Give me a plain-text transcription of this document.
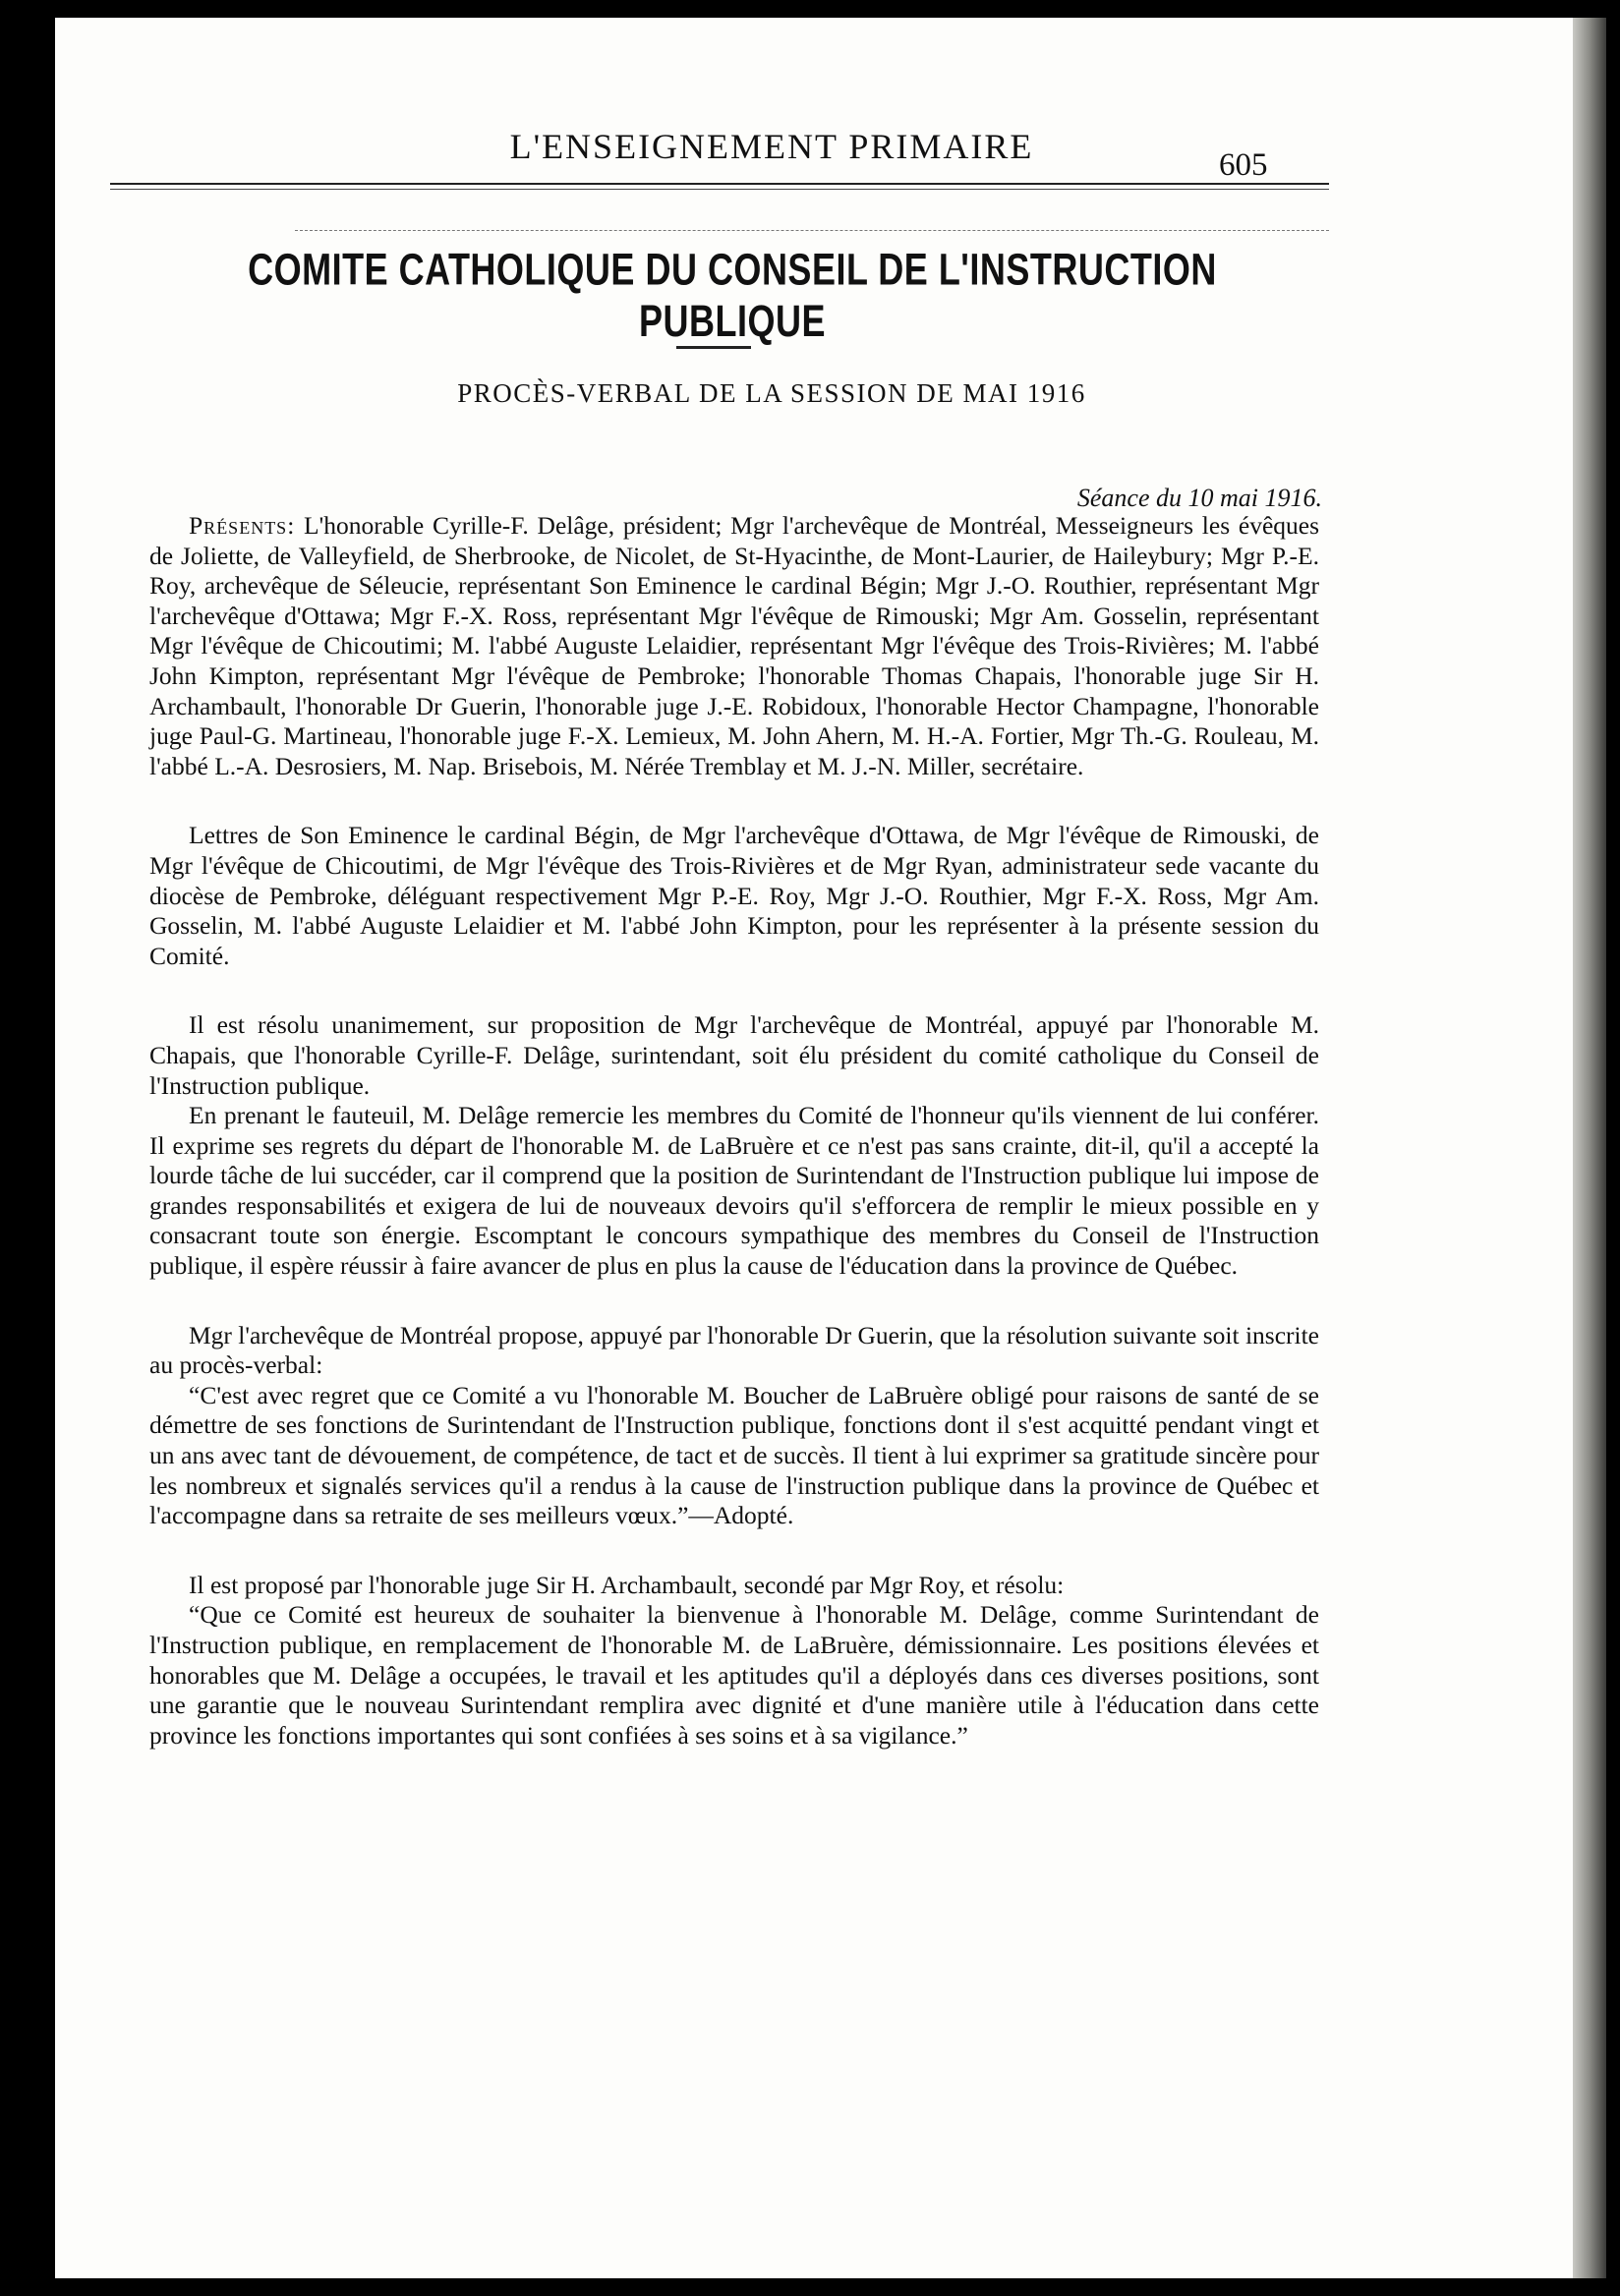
L'ENSEIGNEMENT PRIMAIRE	605
COMITE CATHOLIQUE DU CONSEIL DE L'INSTRUCTION PUBLIQUE
PROCÈS-VERBAL DE LA SESSION DE MAI 1916
Séance du 10 mai 1916.

Présents: L'honorable Cyrille-F. Delâge, président; Mgr l'archevêque de Montréal, Messeigneurs les évêques de Joliette, de Valleyfield, de Sherbrooke, de Nicolet, de St-Hyacinthe, de Mont-Laurier, de Haileybury; Mgr P.-E. Roy, archevêque de Séleucie, représentant Son Eminence le cardinal Bégin; Mgr J.-O. Routhier, représentant Mgr l'archevêque d'Ottawa; Mgr F.-X. Ross, représentant Mgr l'évêque de Rimouski; Mgr Am. Gosselin, représentant Mgr l'évêque de Chicoutimi; M. l'abbé Auguste Lelaidier, représentant Mgr l'évêque des Trois-Rivières; M. l'abbé John Kimpton, représentant Mgr l'évêque de Pembroke; l'honorable Thomas Chapais, l'honorable juge Sir H. Archambault, l'honorable Dr Guerin, l'honorable juge J.-E. Robidoux, l'honorable Hector Champagne, l'honorable juge Paul-G. Martineau, l'honorable juge F.-X. Lemieux, M. John Ahern, M. H.-A. Fortier, Mgr Th.-G. Rouleau, M. l'abbé L.-A. Desrosiers, M. Nap. Brisebois, M. Nérée Tremblay et M. J.-N. Miller, secrétaire.

Lettres de Son Eminence le cardinal Bégin, de Mgr l'archevêque d'Ottawa, de Mgr l'évêque de Rimouski, de Mgr l'évêque de Chicoutimi, de Mgr l'évêque des Trois-Rivières et de Mgr Ryan, administrateur sede vacante du diocèse de Pembroke, déléguant respectivement Mgr P.-E. Roy, Mgr J.-O. Routhier, Mgr F.-X. Ross, Mgr Am. Gosselin, M. l'abbé Auguste Lelaidier et M. l'abbé John Kimpton, pour les représenter à la présente session du Comité.

Il est résolu unanimement, sur proposition de Mgr l'archevêque de Montréal, appuyé par l'honorable M. Chapais, que l'honorable Cyrille-F. Delâge, surintendant, soit élu président du comité catholique du Conseil de l'Instruction publique.

En prenant le fauteuil, M. Delâge remercie les membres du Comité de l'honneur qu'ils viennent de lui conférer. Il exprime ses regrets du départ de l'honorable M. de LaBruère et ce n'est pas sans crainte, dit-il, qu'il a accepté la lourde tâche de lui succéder, car il comprend que la position de Surintendant de l'Instruction publique lui impose de grandes responsabilités et exigera de lui de nouveaux devoirs qu'il s'efforcera de remplir le mieux possible en y consacrant toute son énergie. Escomptant le concours sympathique des membres du Conseil de l'Instruction publique, il espère réussir à faire avancer de plus en plus la cause de l'éducation dans la province de Québec.

Mgr l'archevêque de Montréal propose, appuyé par l'honorable Dr Guerin, que la résolution suivante soit inscrite au procès-verbal:

“C'est avec regret que ce Comité a vu l'honorable M. Boucher de LaBruère obligé pour raisons de santé de se démettre de ses fonctions de Surintendant de l'Instruction publique, fonctions dont il s'est acquitté pendant vingt et un ans avec tant de dévouement, de compétence, de tact et de succès. Il tient à lui exprimer sa gratitude sincère pour les nombreux et signalés services qu'il a rendus à la cause de l'instruction publique dans la province de Québec et l'accompagne dans sa retraite de ses meilleurs vœux.”—Adopté.

Il est proposé par l'honorable juge Sir H. Archambault, secondé par Mgr Roy, et résolu:

“Que ce Comité est heureux de souhaiter la bienvenue à l'honorable M. Delâge, comme Surintendant de l'Instruction publique, en remplacement de l'honorable M. de LaBruère, démissionnaire. Les positions élevées et honorables que M. Delâge a occupées, le travail et les aptitudes qu'il a déployés dans ces diverses positions, sont une garantie que le nouveau Surintendant remplira avec dignité et d'une manière utile à l'éducation dans cette province les fonctions importantes qui sont confiées à ses soins et à sa vigilance.”
